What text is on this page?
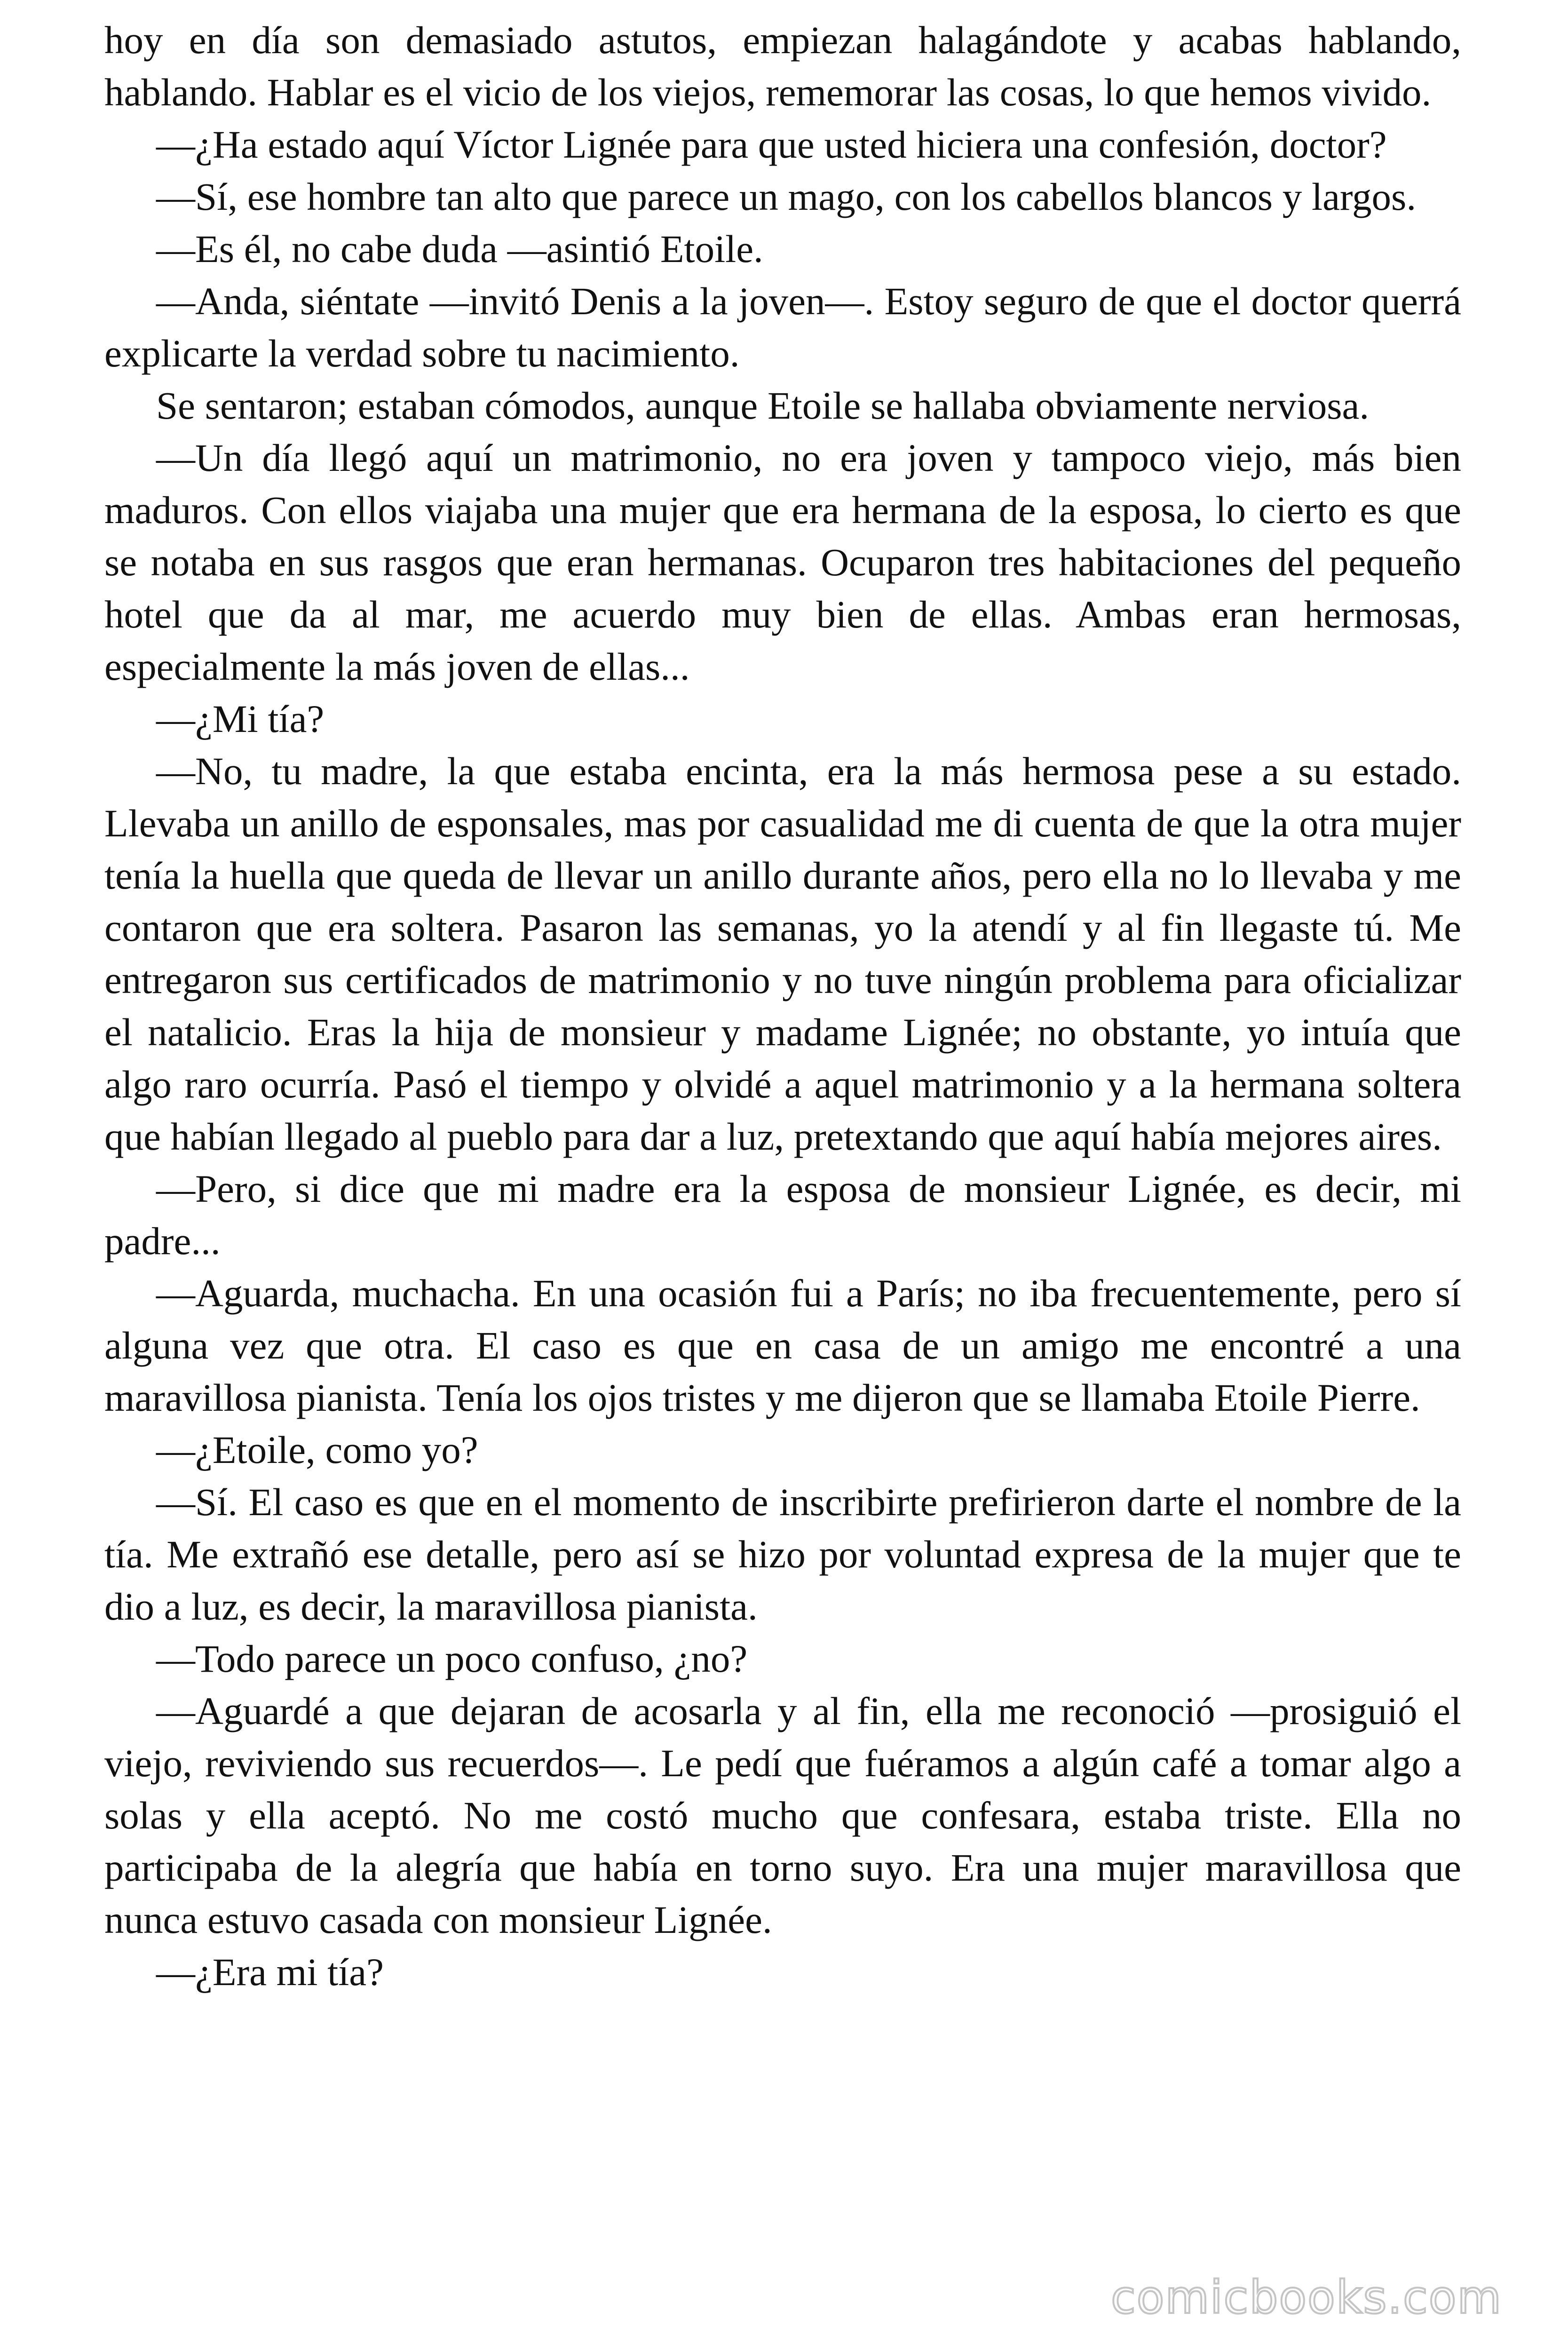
hoy en día son demasiado astutos, empiezan halagándote y acabas hablando, hablando. Hablar es el vicio de los viejos, rememorar las cosas, lo que hemos vivido.

—¿Ha estado aquí Víctor Lignée para que usted hiciera una confesión, doctor?

—Sí, ese hombre tan alto que parece un mago, con los cabellos blancos y largos.

—Es él, no cabe duda —asintió Etoile.

—Anda, siéntate —invitó Denis a la joven—. Estoy seguro de que el doctor querrá explicarte la verdad sobre tu nacimiento.

Se sentaron; estaban cómodos, aunque Etoile se hallaba obviamente nerviosa.

—Un día llegó aquí un matrimonio, no era joven y tampoco viejo, más bien maduros. Con ellos viajaba una mujer que era hermana de la esposa, lo cierto es que se notaba en sus rasgos que eran hermanas. Ocuparon tres habitaciones del pequeño hotel que da al mar, me acuerdo muy bien de ellas. Ambas eran hermosas, especialmente la más joven de ellas...

—¿Mi tía?

—No, tu madre, la que estaba encinta, era la más hermosa pese a su estado. Llevaba un anillo de esponsales, mas por casualidad me di cuenta de que la otra mujer tenía la huella que queda de llevar un anillo durante años, pero ella no lo llevaba y me contaron que era soltera. Pasaron las semanas, yo la atendí y al fin llegaste tú. Me entregaron sus certificados de matrimonio y no tuve ningún problema para oficializar el natalicio. Eras la hija de monsieur y madame Lignée; no obstante, yo intuía que algo raro ocurría. Pasó el tiempo y olvidé a aquel matrimonio y a la hermana soltera que habían llegado al pueblo para dar a luz, pretextando que aquí había mejores aires.

—Pero, si dice que mi madre era la esposa de monsieur Lignée, es decir, mi padre...

—Aguarda, muchacha. En una ocasión fui a París; no iba frecuentemente, pero sí alguna vez que otra. El caso es que en casa de un amigo me encontré a una maravillosa pianista. Tenía los ojos tristes y me dijeron que se llamaba Etoile Pierre.

—¿Etoile, como yo?

—Sí. El caso es que en el momento de inscribirte prefirieron darte el nombre de la tía. Me extrañó ese detalle, pero así se hizo por voluntad expresa de la mujer que te dio a luz, es decir, la maravillosa pianista.

—Todo parece un poco confuso, ¿no?

—Aguardé a que dejaran de acosarla y al fin, ella me reconoció —prosiguió el viejo, reviviendo sus recuerdos—. Le pedí que fuéramos a algún café a tomar algo a solas y ella aceptó. No me costó mucho que confesara, estaba triste. Ella no participaba de la alegría que había en torno suyo. Era una mujer maravillosa que nunca estuvo casada con monsieur Lignée.

—¿Era mi tía?

comicbooks.com
